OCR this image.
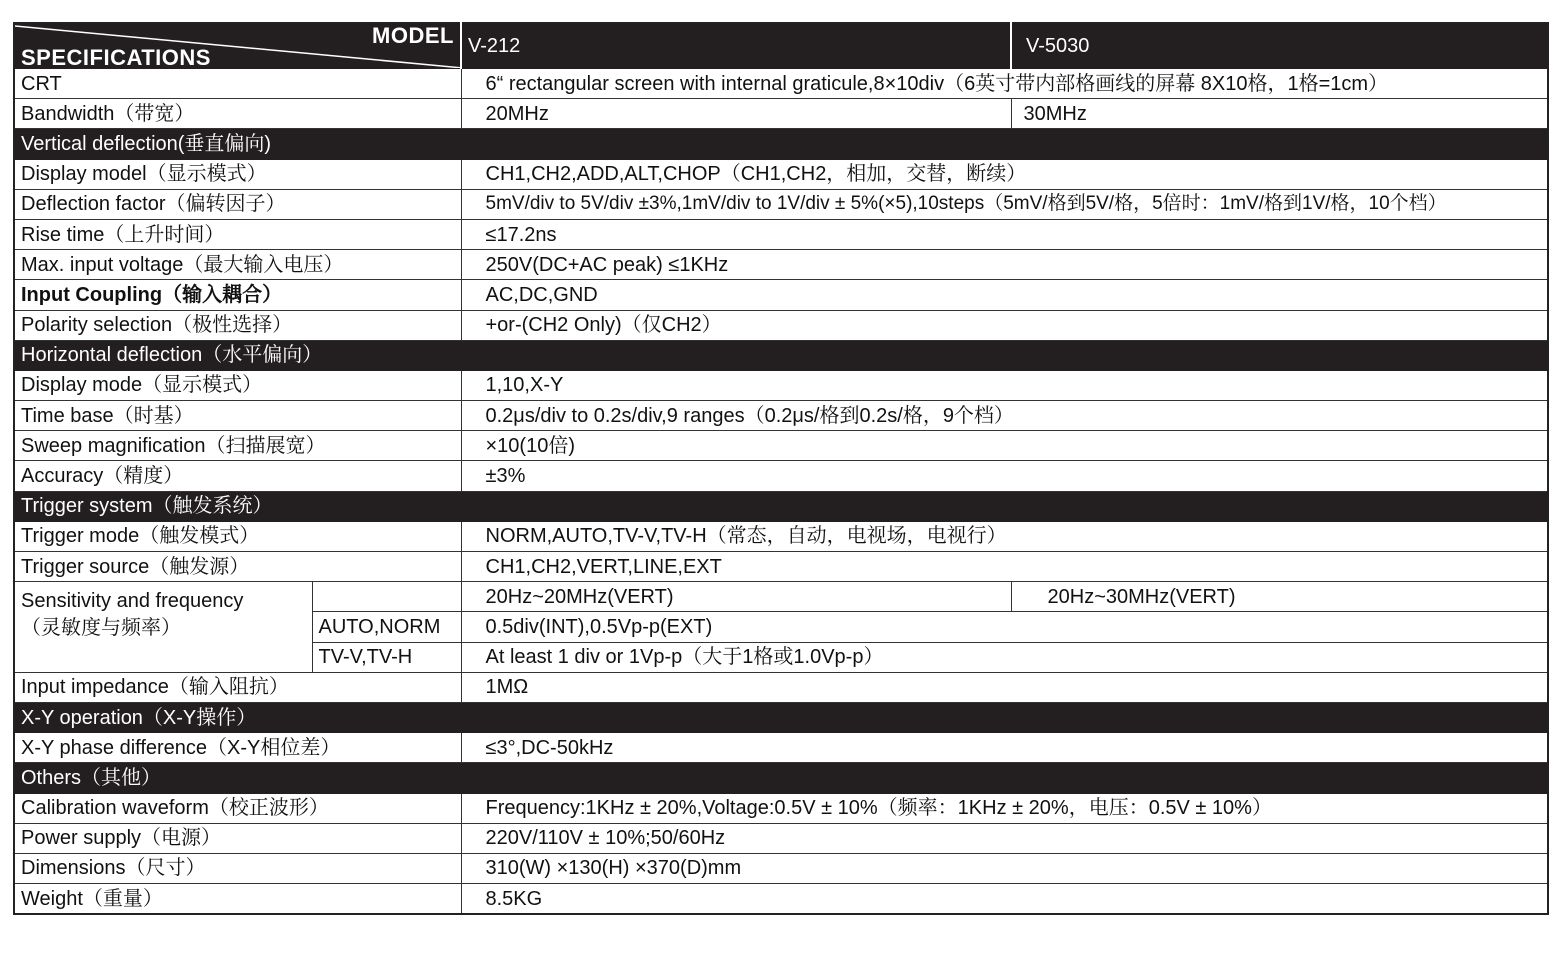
SPECIFICATIONS
MODEL		V-212	V-5030
CRT		6“ rectangular screen with internal graticule,8×10div（6英寸带内部格画线的屏幕 8X10格，1格=1cm）	
Bandwidth（带宽）		20MHz	30MHz
Vertical deflection(垂直偏向)			
Display model（显示模式）		CH1,CH2,ADD,ALT,CHOP（CH1,CH2，相加，交替，断续）	
Deflection factor（偏转因子）		5mV/div to 5V/div ±3%,1mV/div to 1V/div ± 5%(×5),10steps（5mV/格到5V/格，5倍时：1mV/格到1V/格，10个档）	
Rise time（上升时间）		≤17.2ns	
Max. input voltage（最大输入电压）		250V(DC+AC peak) ≤1KHz	
Input Coupling（输入耦合）		AC,DC,GND	
Polarity selection（极性选择）		+or-(CH2 Only)（仅CH2）	
Horizontal deflection（水平偏向）			
Display mode（显示模式）		1,10,X-Y	
Time base（时基）		0.2μs/div to 0.2s/div,9 ranges（0.2μs/格到0.2s/格，9个档）	
Sweep magnification（扫描展宽）		×10(10倍)	
Accuracy（精度）		±3%	
Trigger system（触发系统）			
Trigger mode（触发模式）		NORM,AUTO,TV-V,TV-H（常态，自动，电视场，电视行）	
Trigger source（触发源）		CH1,CH2,VERT,LINE,EXT	

Sensitivity and frequency
（灵敏度与频率）		20Hz~20MHz(VERT)	20Hz~30MHz(VERT)
	AUTO,NORM	0.5div(INT),0.5Vp-p(EXT)	
	TV-V,TV-H	At least 1 div or 1Vp-p（大于1格或1.0Vp-p）	
Input impedance（输入阻抗）		1MΩ	
X-Y operation（X-Y操作）			
X-Y phase difference（X-Y相位差）		≤3°,DC-50kHz	
Others（其他）			
Calibration waveform（校正波形）		Frequency:1KHz ± 20%,Voltage:0.5V ± 10%（频率：1KHz ± 20%，电压：0.5V ± 10%）	
Power supply（电源）		220V/110V ± 10%;50/60Hz	
Dimensions（尺寸）		310(W) ×130(H) ×370(D)mm	
Weight（重量）		8.5KG	
